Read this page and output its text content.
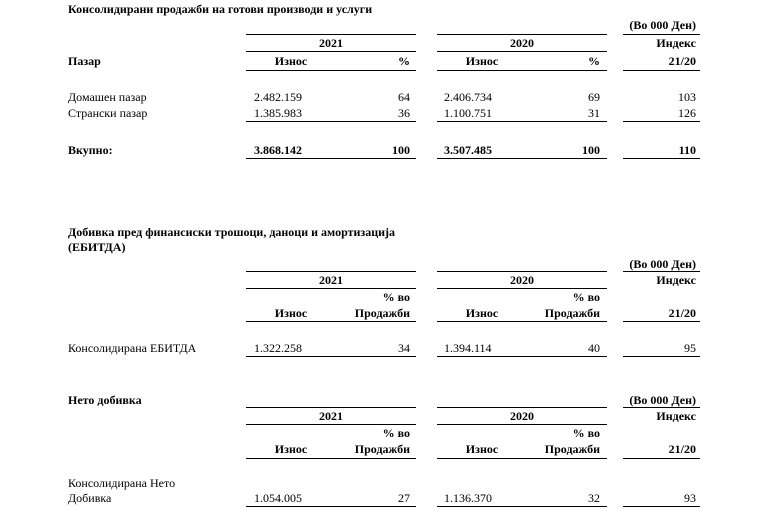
Консолидирани продажби на готови производи и услуги
(Во 000 Ден)
2021	2020	Индекс
Пазар	Износ	%	Износ	%	21/20
Домашен пазар	2.482.159	64	2.406.734	69	103
Странски пазар	1.385.983	36	1.100.751	31	126
Вкупно:	3.868.142	100	3.507.485	100	110
Добивка пред финансиски трошоци, даноци и амортизација
(ЕБИТДА)
(Во 000 Ден)
2021	2020	Индекс
% во	% во
Износ	Продажби	Износ	Продажби	21/20
Консолидирана ЕБИТДА	1.322.258	34	1.394.114	40	95
Нето добивка	(Во 000 Ден)
2021	2020	Индекс
% во	% во
Износ	Продажби	Износ	Продажби	21/20
Консолидирана Нето
Добивка	1.054.005	27	1.136.370	32	93
